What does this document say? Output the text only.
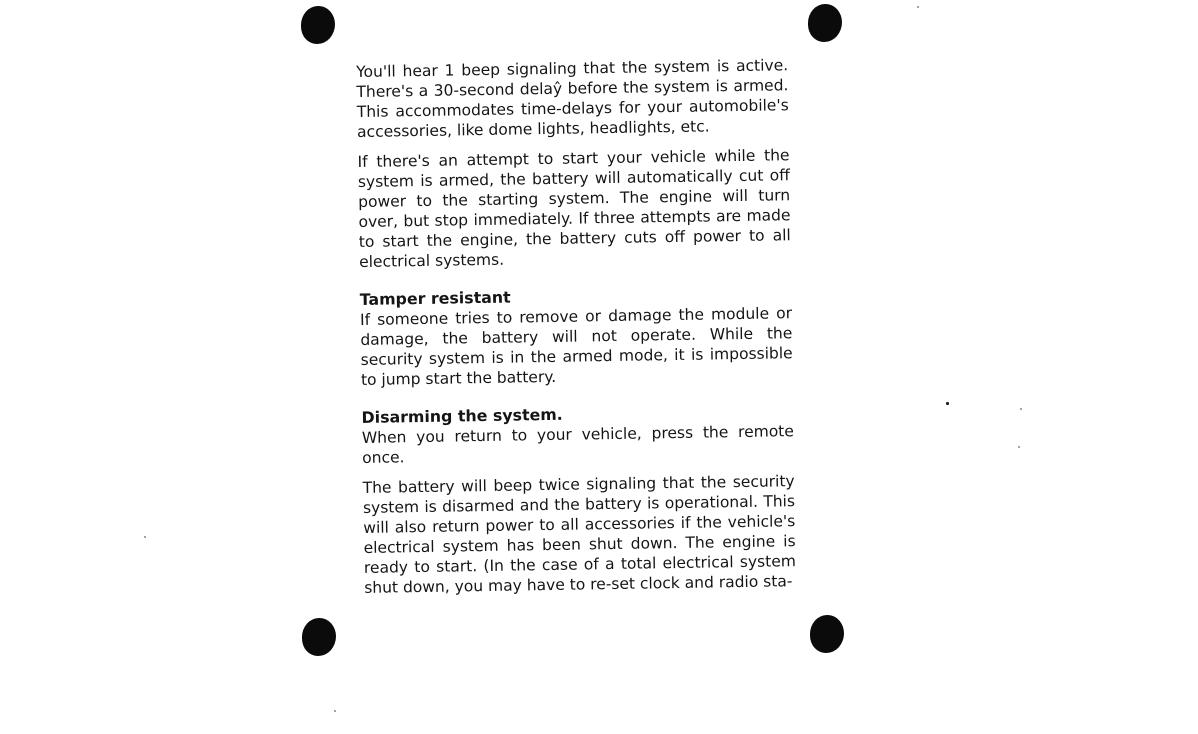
You'll hear 1 beep signaling that the system is active. There's a 30-second delaŷ before the system is armed. This accommodates time-delays for your automobile's accessories, like dome lights, headlights, etc.

If there's an attempt to start your vehicle while the system is armed, the battery will automatically cut off power to the starting system. The engine will turn over, but stop immediately. If three attempts are made to start the engine, the battery cuts off power to all electrical systems.

Tamper resistant

If someone tries to remove or damage the module or damage, the battery will not operate. While the security system is in the armed mode, it is impossible to jump start the battery.

Disarming the system.

When you return to your vehicle, press the remote once.

The battery will beep twice signaling that the security system is disarmed and the battery is operational. This will also return power to all accessories if the vehicle's electrical system has been shut down. The engine is ready to start. (In the case of a total electrical system shut down, you may have to re-set clock and radio sta-
